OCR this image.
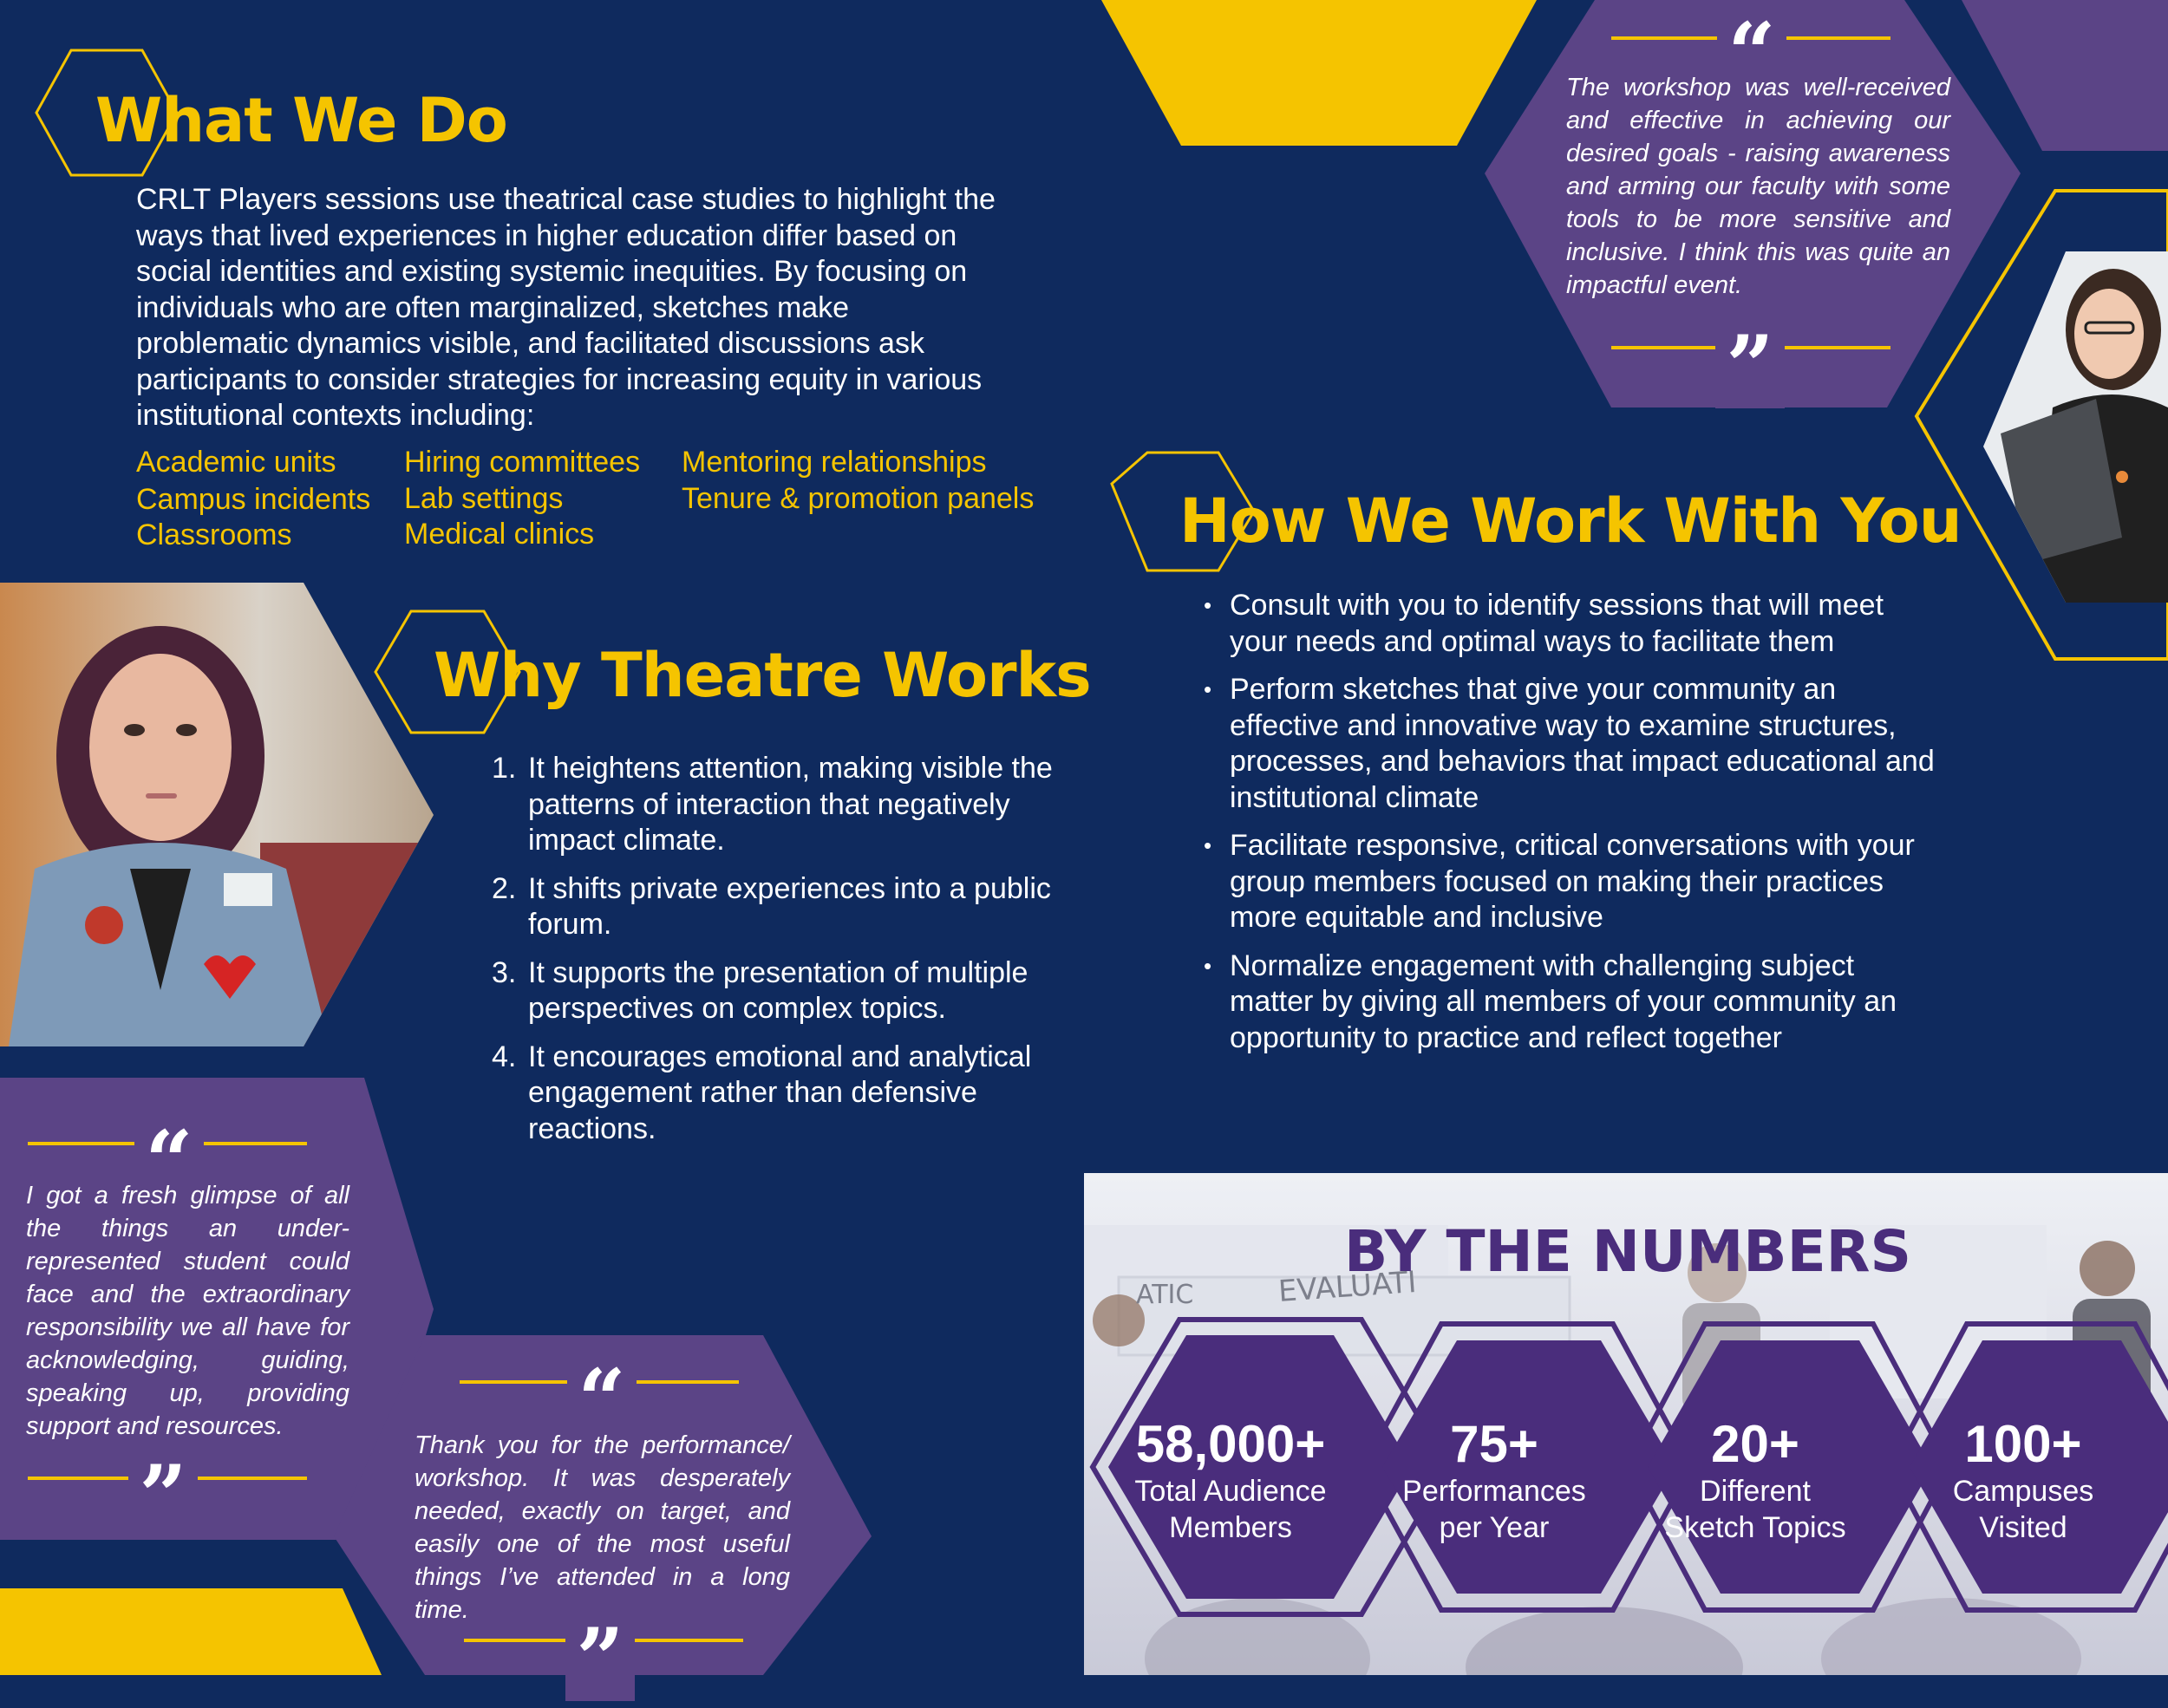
What We Do

CRLT Players sessions use theatrical case studies to highlight the ways that lived experiences in higher education differ based on social identities and existing systemic inequities. By focusing on individuals who are often marginalized, sketches make problematic dynamics visible, and facilitated discussions ask participants to consider strategies for increasing equity in various institutional contexts including:

Academic units
Campus incidents
Classrooms
Hiring committees
Lab settings
Medical clinics
Mentoring relationships
Tenure & promotion panels
Why Theatre Works
1. It heightens attention, making visible the patterns of interaction that negatively impact climate.
2. It shifts private experiences into a public forum.
3. It supports the presentation of multiple perspectives on complex topics.
4. It encourages emotional and analytical engagement rather than defensive reactions.
How We Work With You
• Consult with you to identify sessions that will meet your needs and optimal ways to facilitate them
• Perform sketches that give your community an effective and innovative way to examine structures, processes, and behaviors that impact educational and institutional climate
• Facilitate responsive, critical conversations with your group members focused on making their practices more equitable and inclusive
• Normalize engagement with challenging subject matter by giving all members of your community an opportunity to practice and reflect together
“

The workshop was well-received and effective in achieving our desired goals - raising awareness and arming our faculty with some tools to be more sensitive and inclusive. I think this was quite an impactful event.

”
“

I got a fresh glimpse of all the things an under-represented student could face and the extraordinary responsibility we all have for acknowledging, guiding, speaking up, providing support and resources.

”
“

Thank you for the performance/ workshop. It was desperately needed, exactly on target, and easily one of the most useful things I’ve attended in a long time.	”
EVALUATI
ATIC
BY THE NUMBERS
58,000+
Total Audience
Members
75+
Performances
per Year
20+
Different
Sketch Topics
100+
Campuses
Visited
